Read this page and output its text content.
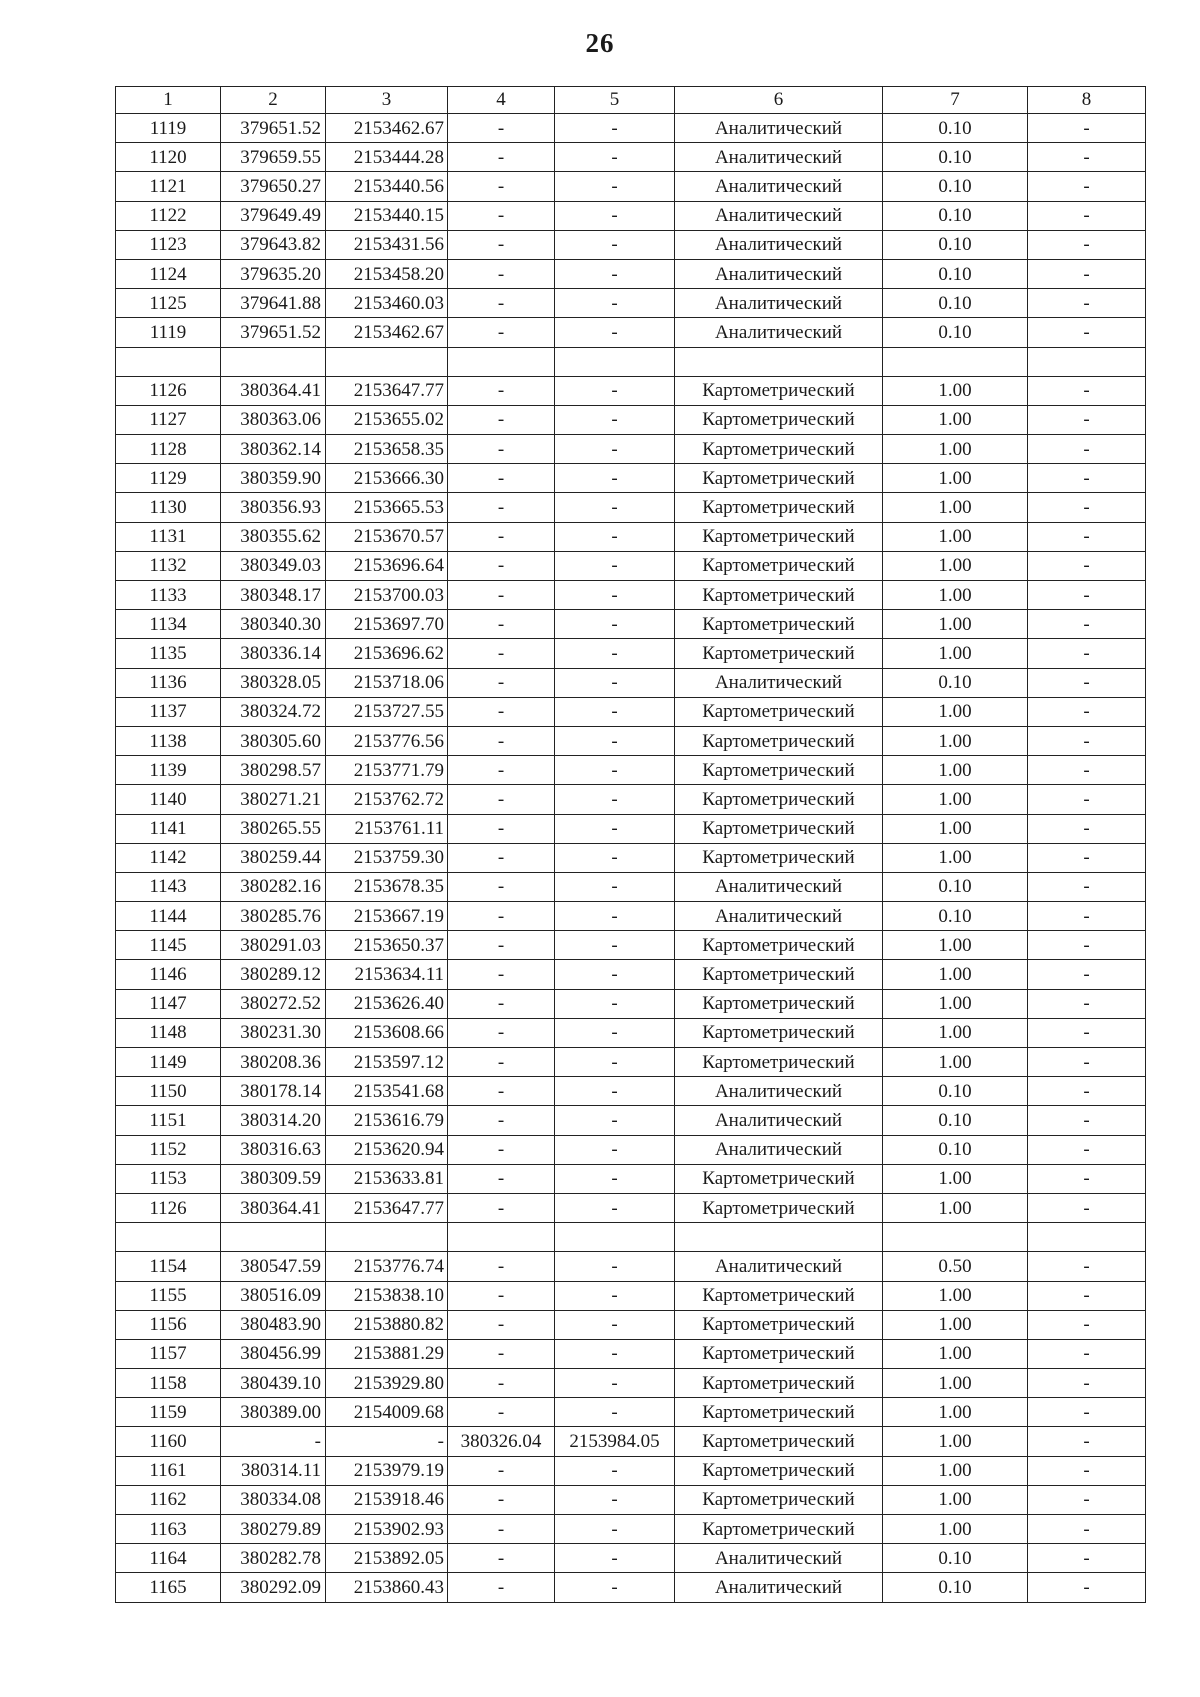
26
1	2	3	4	5	6	7	8
1119	379651.52	2153462.67	-	-	Аналитический	0.10	-
1120	379659.55	2153444.28	-	-	Аналитический	0.10	-
1121	379650.27	2153440.56	-	-	Аналитический	0.10	-
1122	379649.49	2153440.15	-	-	Аналитический	0.10	-
1123	379643.82	2153431.56	-	-	Аналитический	0.10	-
1124	379635.20	2153458.20	-	-	Аналитический	0.10	-
1125	379641.88	2153460.03	-	-	Аналитический	0.10	-
1119	379651.52	2153462.67	-	-	Аналитический	0.10	-

1126	380364.41	2153647.77	-	-	Картометрический	1.00	-
1127	380363.06	2153655.02	-	-	Картометрический	1.00	-
1128	380362.14	2153658.35	-	-	Картометрический	1.00	-
1129	380359.90	2153666.30	-	-	Картометрический	1.00	-
1130	380356.93	2153665.53	-	-	Картометрический	1.00	-
1131	380355.62	2153670.57	-	-	Картометрический	1.00	-
1132	380349.03	2153696.64	-	-	Картометрический	1.00	-
1133	380348.17	2153700.03	-	-	Картометрический	1.00	-
1134	380340.30	2153697.70	-	-	Картометрический	1.00	-
1135	380336.14	2153696.62	-	-	Картометрический	1.00	-
1136	380328.05	2153718.06	-	-	Аналитический	0.10	-
1137	380324.72	2153727.55	-	-	Картометрический	1.00	-
1138	380305.60	2153776.56	-	-	Картометрический	1.00	-
1139	380298.57	2153771.79	-	-	Картометрический	1.00	-
1140	380271.21	2153762.72	-	-	Картометрический	1.00	-
1141	380265.55	2153761.11	-	-	Картометрический	1.00	-
1142	380259.44	2153759.30	-	-	Картометрический	1.00	-
1143	380282.16	2153678.35	-	-	Аналитический	0.10	-
1144	380285.76	2153667.19	-	-	Аналитический	0.10	-
1145	380291.03	2153650.37	-	-	Картометрический	1.00	-
1146	380289.12	2153634.11	-	-	Картометрический	1.00	-
1147	380272.52	2153626.40	-	-	Картометрический	1.00	-
1148	380231.30	2153608.66	-	-	Картометрический	1.00	-
1149	380208.36	2153597.12	-	-	Картометрический	1.00	-
1150	380178.14	2153541.68	-	-	Аналитический	0.10	-
1151	380314.20	2153616.79	-	-	Аналитический	0.10	-
1152	380316.63	2153620.94	-	-	Аналитический	0.10	-
1153	380309.59	2153633.81	-	-	Картометрический	1.00	-
1126	380364.41	2153647.77	-	-	Картометрический	1.00	-

1154	380547.59	2153776.74	-	-	Аналитический	0.50	-
1155	380516.09	2153838.10	-	-	Картометрический	1.00	-
1156	380483.90	2153880.82	-	-	Картометрический	1.00	-
1157	380456.99	2153881.29	-	-	Картометрический	1.00	-
1158	380439.10	2153929.80	-	-	Картометрический	1.00	-
1159	380389.00	2154009.68	-	-	Картометрический	1.00	-
1160	-	-	380326.04	2153984.05	Картометрический	1.00	-
1161	380314.11	2153979.19	-	-	Картометрический	1.00	-
1162	380334.08	2153918.46	-	-	Картометрический	1.00	-
1163	380279.89	2153902.93	-	-	Картометрический	1.00	-
1164	380282.78	2153892.05	-	-	Аналитический	0.10	-
1165	380292.09	2153860.43	-	-	Аналитический	0.10	-
